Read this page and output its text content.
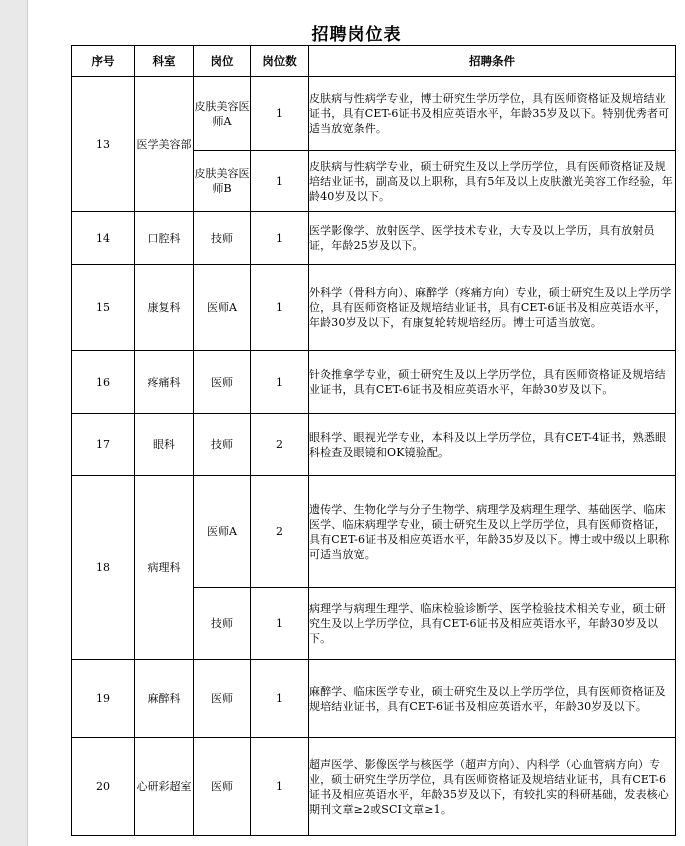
招聘岗位表
序号	科室	岗位	岗位数	招聘条件
13	医学美容部	皮肤美容医师A	1	皮肤病与性病学专业，博士研究生学历学位，具有医师资格证及规培结业证书，具有CET-6证书及相应英语水平，年龄35岁及以下。特别优秀者可适当放宽条件。
		皮肤美容医师B	1	皮肤病与性病学专业，硕士研究生及以上学历学位，具有医师资格证及规培结业证书，副高及以上职称，具有5年及以上皮肤激光美容工作经验，年龄40岁及以下。
14	口腔科	技师	1	医学影像学、放射医学、医学技术专业，大专及以上学历，具有放射员证，年龄25岁及以下。
15	康复科	医师A	1	外科学（骨科方向）、麻醉学（疼痛方向）专业，硕士研究生及以上学历学位，具有医师资格证及规培结业证书，具有CET-6证书及相应英语水平，年龄30岁及以下，有康复轮转规培经历。博士可适当放宽。
16	疼痛科	医师	1	针灸推拿学专业，硕士研究生及以上学历学位，具有医师资格证及规培结业证书，具有CET-6证书及相应英语水平，年龄30岁及以下。
17	眼科	技师	2	眼科学、眼视光学专业，本科及以上学历学位，具有CET-4证书，熟悉眼科检查及眼镜和OK镜验配。
18	病理科	医师A	2	遗传学、生物化学与分子生物学、病理学及病理生理学、基础医学、临床医学、临床病理学专业，硕士研究生及以上学历学位，具有医师资格证，具有CET-6证书及相应英语水平，年龄35岁及以下。博士或中级以上职称可适当放宽。
		技师	1	病理学与病理生理学、临床检验诊断学、医学检验技术相关专业，硕士研究生及以上学历学位，具有CET-6证书及相应英语水平，年龄30岁及以下。
19	麻醉科	医师	1	麻醉学、临床医学专业，硕士研究生及以上学历学位，具有医师资格证及规培结业证书，具有CET-6证书及相应英语水平，年龄30岁及以下。
20	心研彩超室	医师	1	超声医学、影像医学与核医学（超声方向）、内科学（心血管病方向）专业，硕士研究生学历学位，具有医师资格证及规培结业证书，具有CET-6证书及相应英语水平，年龄35岁及以下，有较扎实的科研基础，发表核心期刊文章≥2或SCI文章≥1。
